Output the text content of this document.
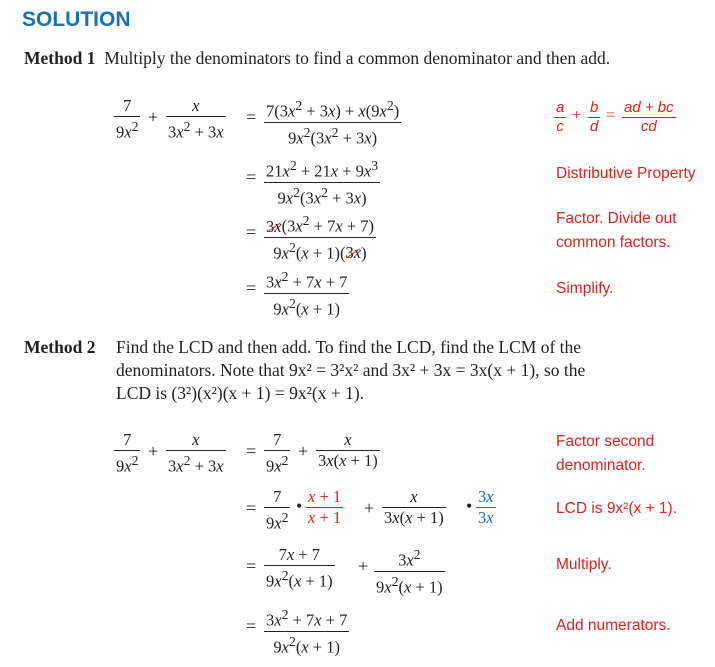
SOLUTION
Method 1 Multiply the denominators to find a common denominator and then add.
7
$9x^2$ +
x
$3x^2 + 3x$
= $7(3x^2 + 3x) + x(9x^2)$
$9x^2(3x^2 + 3x)$
a
c
+ b
d
= ad + bc
cd
= $21x^2 + 21x + 9x^3$
$9x^2(3x^2 + 3x)$
Distributive Property
= $3x(3x^2 + 7x + 7)$
$9x^2(x + 1)(3x)$
Factor. Divide out
common factors.
= $3x^2 + 7x + 7$
$9x^2(x + 1)$
Simplify.
Method 2 Find the LCD and then add. To find the LCD, find the LCM of the
denominators. Note that 9x² = 3²x² and 3x² + 3x = 3x(x + 1), so the
LCD is (3²)(x²)(x + 1) = 9x²(x + 1).
7
$9x^2$ +
x
$3x^2 + 3x$
=
7
$9x^2$ +
x
3x(x + 1)
Factor second
denominator.
=
7
$9x^2$
• x + 1
x + 1 +
x
3x(x + 1)
• 3x
3x	LCD is 9x²(x + 1).
=
7x + 7
$9x^2(x + 1)$
+ $3x^2$
$9x^2(x + 1)$
Multiply.
= $3x^2 + 7x + 7$
$9x^2(x + 1)$
Add numerators.
